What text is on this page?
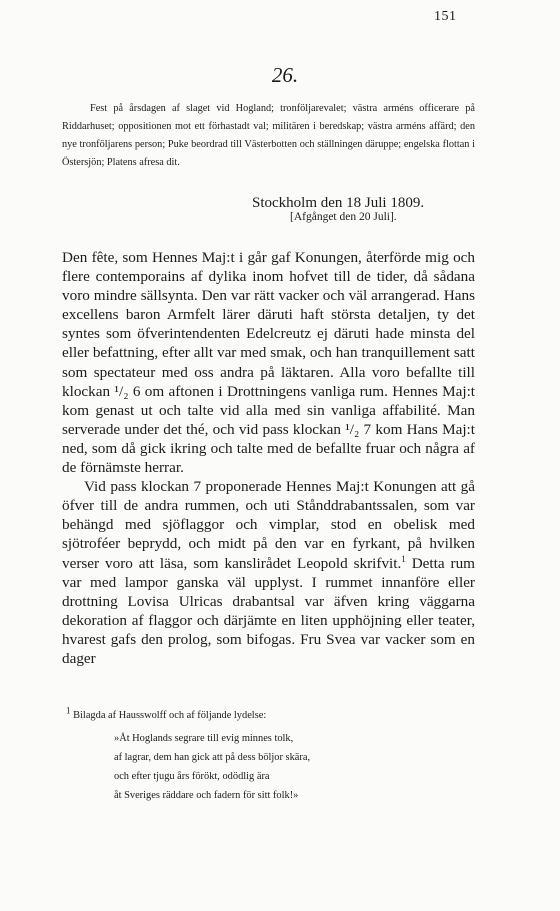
151
26.

Fest på årsdagen af slaget vid Hogland; tronföljarevalet; västra arméns officerare på Riddarhuset; oppositionen mot ett förhastadt val; militären i beredskap; västra arméns affärd; den nye tronföljarens person; Puke beordrad till Västerbotten och ställningen däruppe; engelska flottan i Östersjön; Platens afresa dit.

Stockholm den 18 Juli 1809.

[Afgånget den 20 Juli].

Den fête, som Hennes Maj:t i går gaf Konungen, återförde mig och flere contemporains af dylika inom hofvet till de tider, då sådana voro mindre sällsynta. Den var rätt vacker och väl arrangerad. Hans excellens baron Armfelt lärer däruti haft största detaljen, ty det syntes som öfverintendenten Edelcreutz ej däruti hade minsta del eller befattning, efter allt var med smak, och han tranquillement satt som spectateur med oss andra på läktaren. Alla voro befallte till klockan ¹/₂ 6 om aftonen i Drottningens vanliga rum. Hennes Maj:t kom genast ut och talte vid alla med sin vanliga affabilité. Man serverade under det thé, och vid pass klockan ¹/₂ 7 kom Hans Maj:t ned, som då gick ikring och talte med de befallte fruar och några af de förnämste herrar.

Vid pass klockan 7 proponerade Hennes Maj:t Konungen att gå öfver till de andra rummen, och uti Stånddrabantssalen, som var behängd med sjöflaggor och vimplar, stod en obelisk med sjötroféer beprydd, och midt på den var en fyrkant, på hvilken verser voro att läsa, som kanslirådet Leopold skrifvit.$^1$ Detta rum var med lampor ganska väl upplyst. I rummet innanföre eller drottning Lovisa Ulricas drabantsal var äfven kring väggarna dekoration af flaggor och därjämte en liten upphöjning eller teater, hvarest gafs den prolog, som bifogas. Fru Svea var vacker som en dager

$^1$ Bilagda af Hausswolff och af följande lydelse:

»Åt Hoglands segrare till evig minnes tolk,
af lagrar, dem han gick att på dess böljor skära,
och efter tjugu års förökt, odödlig ära
åt Sveriges räddare och fadern för sitt folk!»
